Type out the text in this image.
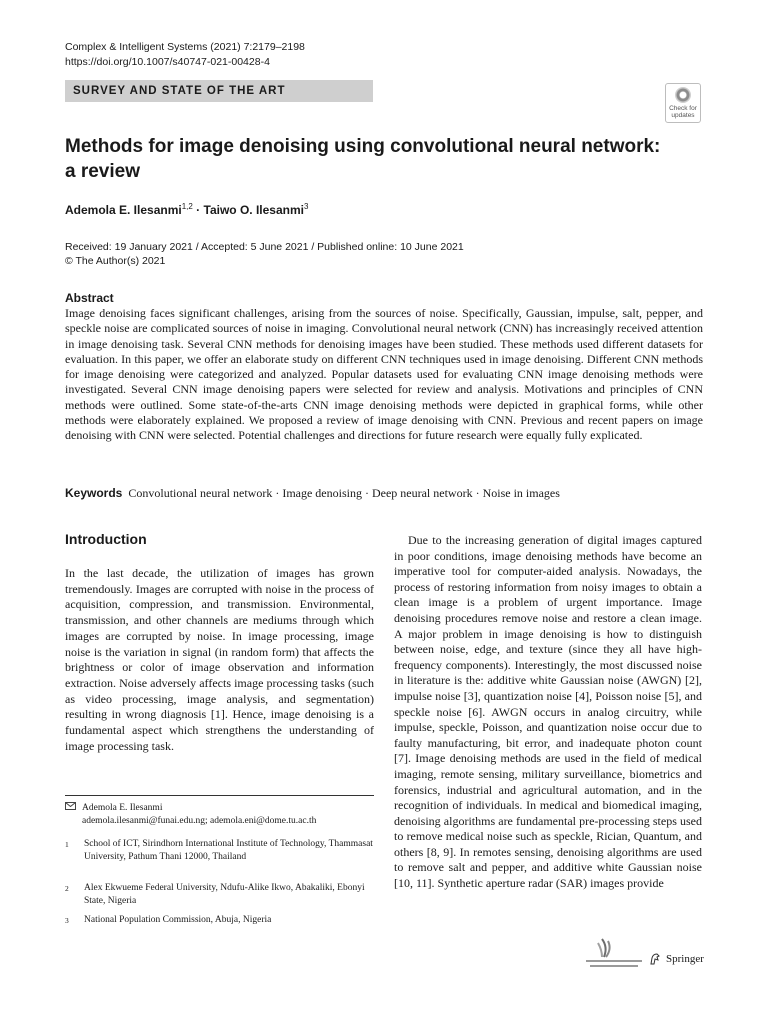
Complex & Intelligent Systems (2021) 7:2179–2198
https://doi.org/10.1007/s40747-021-00428-4
SURVEY AND STATE OF THE ART
Check for
updates
Methods for image denoising using convolutional neural network: a review
Ademola E. Ilesanmi$^{1,2}$ · Taiwo O. Ilesanmi$^3$
Received: 19 January 2021 / Accepted: 5 June 2021 / Published online: 10 June 2021
© The Author(s) 2021
Abstract
Image denoising faces significant challenges, arising from the sources of noise. Specifically, Gaussian, impulse, salt, pepper, and speckle noise are complicated sources of noise in imaging. Convolutional neural network (CNN) has increasingly received attention in image denoising task. Several CNN methods for denoising images have been studied. These methods used different datasets for evaluation. In this paper, we offer an elaborate study on different CNN techniques used in image denoising. Different CNN methods for image denoising were categorized and analyzed. Popular datasets used for evaluating CNN image denoising methods were investigated. Several CNN image denoising papers were selected for review and analysis. Motivations and principles of CNN methods were outlined. Some state-of-the-arts CNN image denoising methods were depicted in graphical forms, while other methods were elaborately explained. We proposed a review of image denoising with CNN. Previous and recent papers on image denoising with CNN were selected. Potential challenges and directions for future research were equally fully explicated.
Keywords Convolutional neural network · Image denoising · Deep neural network · Noise in images
Introduction

In the last decade, the utilization of images has grown tremendously. Images are corrupted with noise in the process of acquisition, compression, and transmission. Environmental, transmission, and other channels are mediums through which images are corrupted by noise. In image processing, image noise is the variation in signal (in random form) that affects the brightness or color of image observation and information extraction. Noise adversely affects image processing tasks (such as video processing, image analysis, and segmentation) resulting in wrong diagnosis [1]. Hence, image denoising is a fundamental aspect which strengthens the understanding of image processing task.

Due to the increasing generation of digital images captured in poor conditions, image denoising methods have become an imperative tool for computer-aided analysis. Nowadays, the process of restoring information from noisy images to obtain a clean image is a problem of urgent importance. Image denoising procedures remove noise and restore a clean image. A major problem in image denoising is how to distinguish between noise, edge, and texture (since they all have high-frequency components). Interestingly, the most discussed noise in literature is the: additive white Gaussian noise (AWGN) [2], impulse noise [3], quantization noise [4], Poisson noise [5], and speckle noise [6]. AWGN occurs in analog circuitry, while impulse, speckle, Poisson, and quantization noise occur due to faulty manufacturing, bit error, and inadequate photon count [7]. Image denoising methods are used in the field of medical imaging, remote sensing, military surveillance, biometrics and forensics, industrial and agricultural automation, and in the recognition of individuals. In medical and biomedical imaging, denoising algorithms are fundamental pre-processing steps used to remove medical noise such as speckle, Rician, Quantum, and others [8, 9]. In remotes sensing, denoising algorithms are used to remove salt and pepper, and additive white Gaussian noise [10, 11]. Synthetic aperture radar (SAR) images provide

Ademola E. Ilesanmi
ademola.ilesanmi@funai.edu.ng; ademola.eni@dome.tu.ac.th
1 School of ICT, Sirindhorn International Institute of Technology, Thammasat University, Pathum Thani 12000, Thailand
2 Alex Ekwueme Federal University, Ndufu-Alike Ikwo, Abakaliki, Ebonyi State, Nigeria
3 National Population Commission, Abuja, Nigeria
Springer
